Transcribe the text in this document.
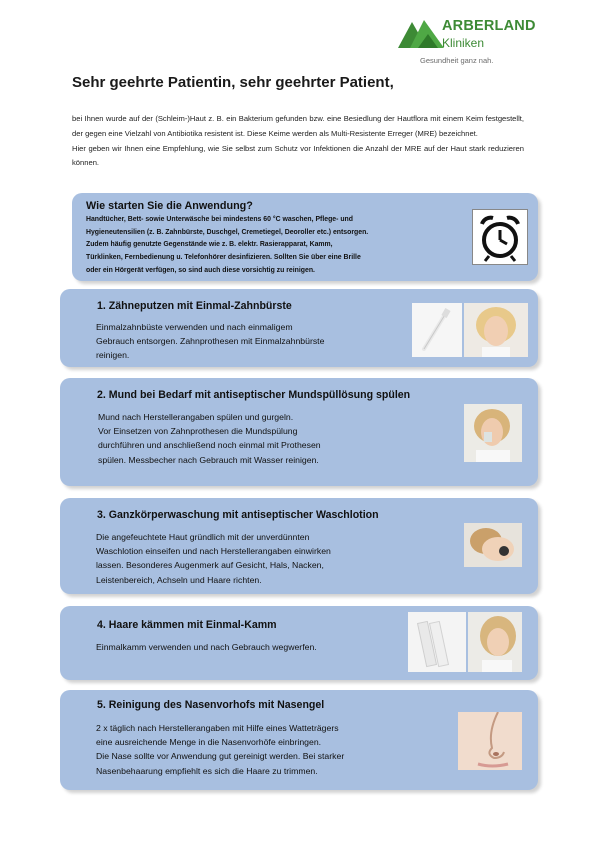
ARBERLAND
Kliniken
Gesundheit ganz nah.
Sehr geehrte Patientin, sehr geehrter Patient,

bei Ihnen wurde auf der (Schleim-)Haut z. B. ein Bakterium gefunden bzw. eine Besiedlung der Hautflora mit einem Keim festgestellt, der gegen eine Vielzahl von Antibiotika resistent ist. Diese Keime werden als Multi-Resistente Erreger (MRE) bezeichnet.

Hier geben wir Ihnen eine Empfehlung, wie Sie selbst zum Schutz vor Infektionen die Anzahl der MRE auf der Haut stark reduzieren können.

Wie starten Sie die Anwendung?
Handtücher, Bett- sowie Unterwäsche bei mindestens 60 °C waschen, Pflege- und
Hygieneutensilien (z. B. Zahnbürste, Duschgel, Cremetiegel, Deoroller etc.) entsorgen.
Zudem häufig genutzte Gegenstände wie z. B. elektr. Rasierapparat, Kamm,
Türklinken, Fernbedienung u. Telefonhörer desinfizieren. Sollten Sie über eine Brille
oder ein Hörgerät verfügen, so sind auch diese vorsichtig zu reinigen.
1. Zähneputzen mit Einmal-Zahnbürste
Einmalzahnbüste verwenden und nach einmaligem
Gebrauch entsorgen. Zahnprothesen mit Einmalzahnbürste
reinigen.
2. Mund bei Bedarf mit antiseptischer Mundspüllösung spülen
Mund nach Herstellerangaben spülen und gurgeln.
Vor Einsetzen von Zahnprothesen die Mundspülung
durchführen und anschließend noch einmal mit Prothesen
spülen. Messbecher nach Gebrauch mit Wasser reinigen.
3. Ganzkörperwaschung mit antiseptischer Waschlotion
Die angefeuchtete Haut gründlich mit der unverdünnten
Waschlotion einseifen und nach Herstellerangaben einwirken
lassen. Besonderes Augenmerk auf Gesicht, Hals, Nacken,
Leistenbereich, Achseln und Haare richten.
4. Haare kämmen mit Einmal-Kamm
Einmalkamm verwenden und nach Gebrauch wegwerfen.
5. Reinigung des Nasenvorhofs mit Nasengel
2 x täglich nach Herstellerangaben mit Hilfe eines Watteträgers
eine ausreichende Menge in die Nasenvorhöfe einbringen.
Die Nase sollte vor Anwendung gut gereinigt werden. Bei starker
Nasenbehaarung empfiehlt es sich die Haare zu trimmen.
